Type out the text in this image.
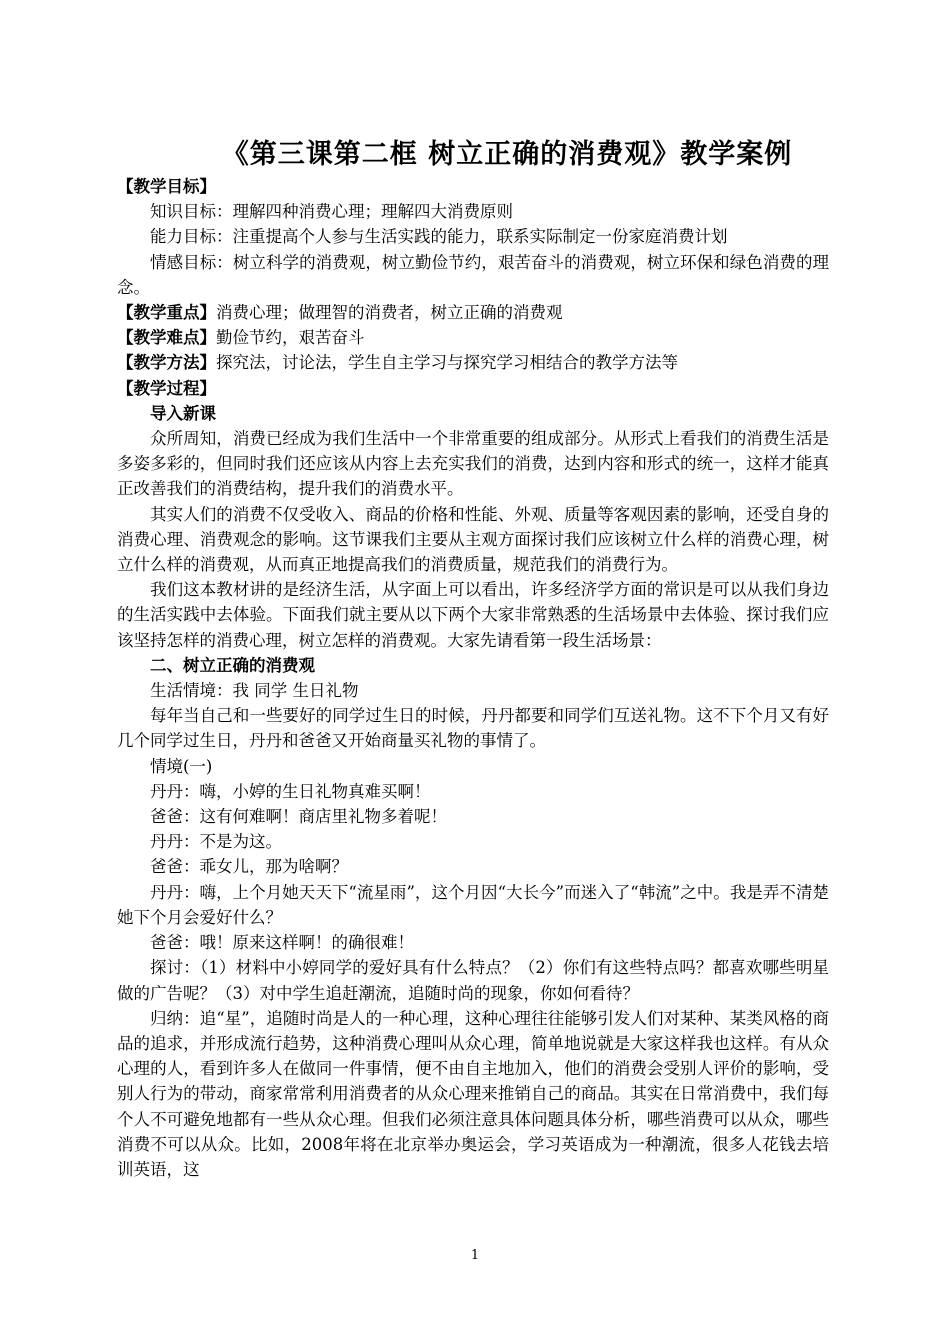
《第三课第二框 树立正确的消费观》教学案例

【教学目标】

知识目标：理解四种消费心理；理解四大消费原则

能力目标：注重提高个人参与生活实践的能力，联系实际制定一份家庭消费计划

情感目标：树立科学的消费观，树立勤俭节约，艰苦奋斗的消费观，树立环保和绿色消费的理念。

【教学重点】消费心理；做理智的消费者，树立正确的消费观

【教学难点】勤俭节约，艰苦奋斗

【教学方法】探究法，讨论法，学生自主学习与探究学习相结合的教学方法等

【教学过程】

导入新课

众所周知，消费已经成为我们生活中一个非常重要的组成部分。从形式上看我们的消费生活是多姿多彩的，但同时我们还应该从内容上去充实我们的消费，达到内容和形式的统一，这样才能真正改善我们的消费结构，提升我们的消费水平。

其实人们的消费不仅受收入、商品的价格和性能、外观、质量等客观因素的影响，还受自身的消费心理、消费观念的影响。这节课我们主要从主观方面探讨我们应该树立什么样的消费心理，树立什么样的消费观，从而真正地提高我们的消费质量，规范我们的消费行为。

我们这本教材讲的是经济生活，从字面上可以看出，许多经济学方面的常识是可以从我们身边的生活实践中去体验。下面我们就主要从以下两个大家非常熟悉的生活场景中去体验、探讨我们应该坚持怎样的消费心理，树立怎样的消费观。大家先请看第一段生活场景：

二、树立正确的消费观

生活情境：我 同学 生日礼物

每年当自己和一些要好的同学过生日的时候，丹丹都要和同学们互送礼物。这不下个月又有好几个同学过生日，丹丹和爸爸又开始商量买礼物的事情了。

情境(一)

丹丹：嗨，小婷的生日礼物真难买啊！

爸爸：这有何难啊！商店里礼物多着呢！

丹丹：不是为这。

爸爸：乖女儿，那为啥啊？

丹丹：嗨，上个月她天天下“流星雨”，这个月因“大长今”而迷入了“韩流”之中。我是弄不清楚她下个月会爱好什么？

爸爸：哦！原来这样啊！的确很难！

探讨：（1）材料中小婷同学的爱好具有什么特点？（2）你们有这些特点吗？都喜欢哪些明星做的广告呢？（3）对中学生追赶潮流，追随时尚的现象，你如何看待？

归纳：追“星”，追随时尚是人的一种心理，这种心理往往能够引发人们对某种、某类风格的商品的追求，并形成流行趋势，这种消费心理叫从众心理，简单地说就是大家这样我也这样。有从众心理的人，看到许多人在做同一件事情，便不由自主地加入，他们的消费会受别人评价的影响，受别人行为的带动，商家常常利用消费者的从众心理来推销自己的商品。其实在日常消费中，我们每个人不可避免地都有一些从众心理。但我们必须注意具体问题具体分析，哪些消费可以从众，哪些消费不可以从众。比如，2008年将在北京举办奥运会，学习英语成为一种潮流，很多人花钱去培训英语，这

1
